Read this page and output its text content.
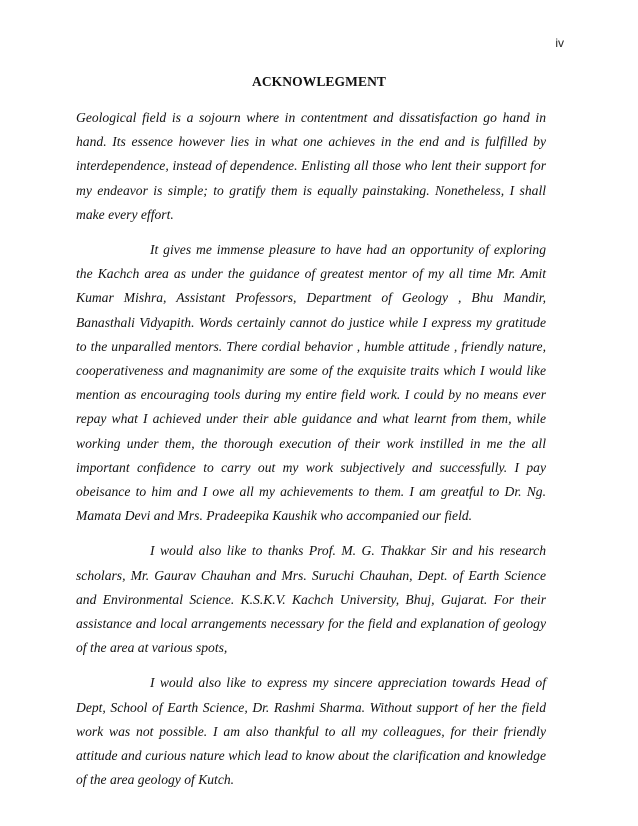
iv
ACKNOWLEGMENT

Geological field is a sojourn where in contentment and dissatisfaction go hand in hand. Its essence however lies in what one achieves in the end and is fulfilled by interdependence, instead of dependence. Enlisting all those who lent their support for my endeavor is simple; to gratify them is equally painstaking. Nonetheless, I shall make every effort.

It gives me immense pleasure to have had an opportunity of exploring the Kachch area as under the guidance of greatest mentor of my all time Mr. Amit Kumar Mishra, Assistant Professors, Department of Geology , Bhu Mandir, Banasthali Vidyapith. Words certainly cannot do justice while I express my gratitude to the unparalled mentors. There cordial behavior , humble attitude , friendly nature, cooperativeness and magnanimity are some of the exquisite traits which I would like mention as encouraging tools during my entire field work. I could by no means ever repay what I achieved under their able guidance and what learnt from them, while working under them, the thorough execution of their work instilled in me the all important confidence to carry out my work subjectively and successfully. I pay obeisance to him and I owe all my achievements to them. I am greatful to Dr. Ng. Mamata Devi and Mrs. Pradeepika Kaushik who accompanied our field.

I would also like to thanks Prof. M. G. Thakkar Sir and his research scholars, Mr. Gaurav Chauhan and Mrs. Suruchi Chauhan, Dept. of Earth Science and Environmental Science. K.S.K.V. Kachch University, Bhuj, Gujarat. For their assistance and local arrangements necessary for the field and explanation of geology of the area at various spots,

I would also like to express my sincere appreciation towards Head of Dept, School of Earth Science, Dr. Rashmi Sharma. Without support of her the field work was not possible. I am also thankful to all my colleagues, for their friendly attitude and curious nature which lead to know about the clarification and knowledge of the area geology of Kutch.
